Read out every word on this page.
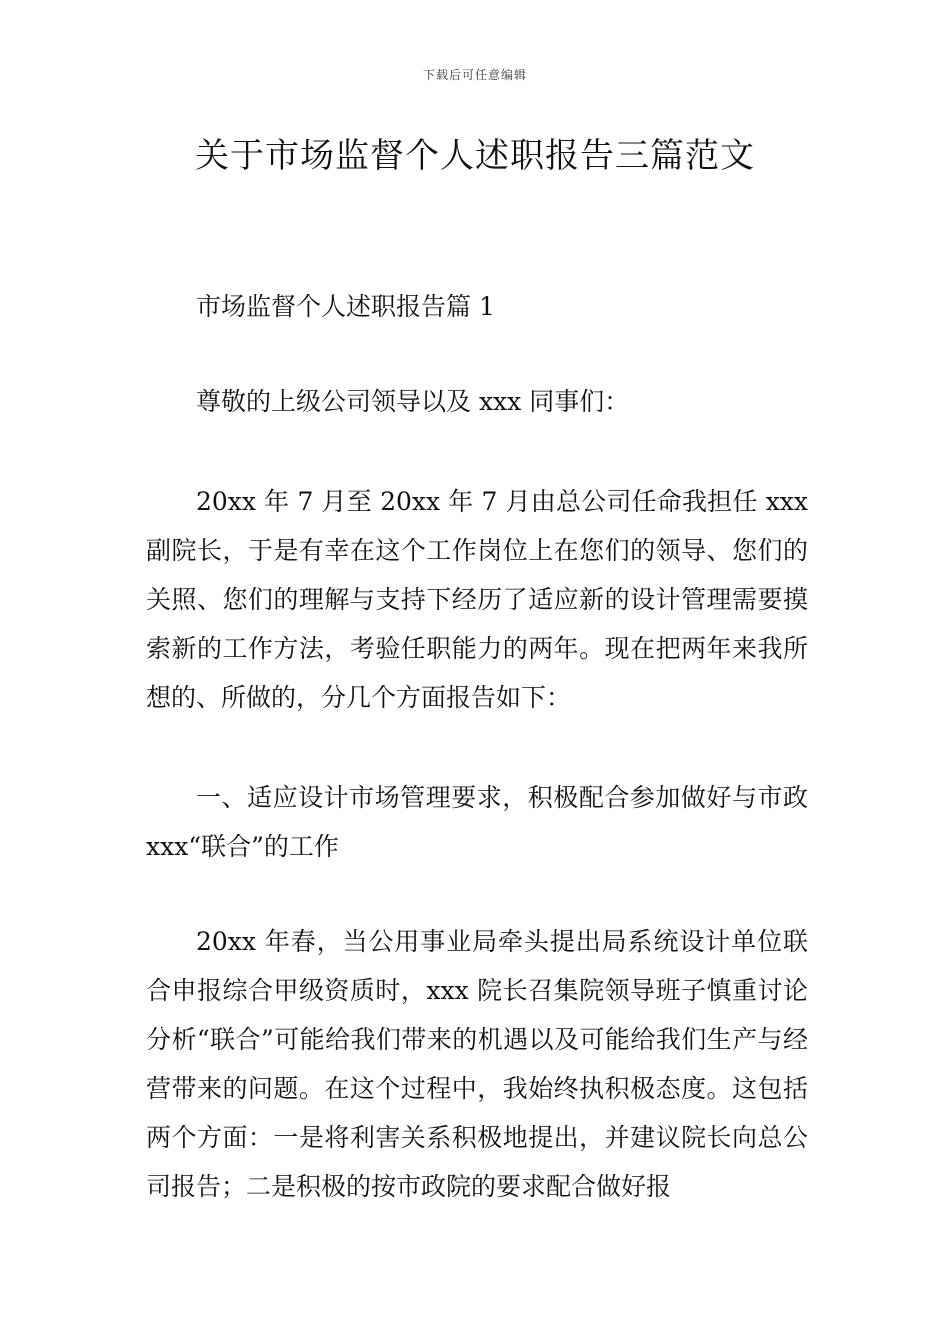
下载后可任意编辑
关于市场监督个人述职报告三篇范文

市场监督个人述职报告篇 1

尊敬的上级公司领导以及 xxx 同事们：

20xx 年 7 月至 20xx 年 7 月由总公司任命我担任 xxx 副院长，于是有幸在这个工作岗位上在您们的领导、您们的关照、您们的理解与支持下经历了适应新的设计管理需要摸索新的工作方法，考验任职能力的两年。现在把两年来我所想的、所做的，分几个方面报告如下：

一、适应设计市场管理要求，积极配合参加做好与市政 xxx“联合”的工作

20xx 年春，当公用事业局牵头提出局系统设计单位联合申报综合甲级资质时，xxx 院长召集院领导班子慎重讨论分析“联合”可能给我们带来的机遇以及可能给我们生产与经营带来的问题。在这个过程中，我始终执积极态度。这包括两个方面：一是将利害关系积极地提出，并建议院长向总公司报告；二是积极的按市政院的要求配合做好报
